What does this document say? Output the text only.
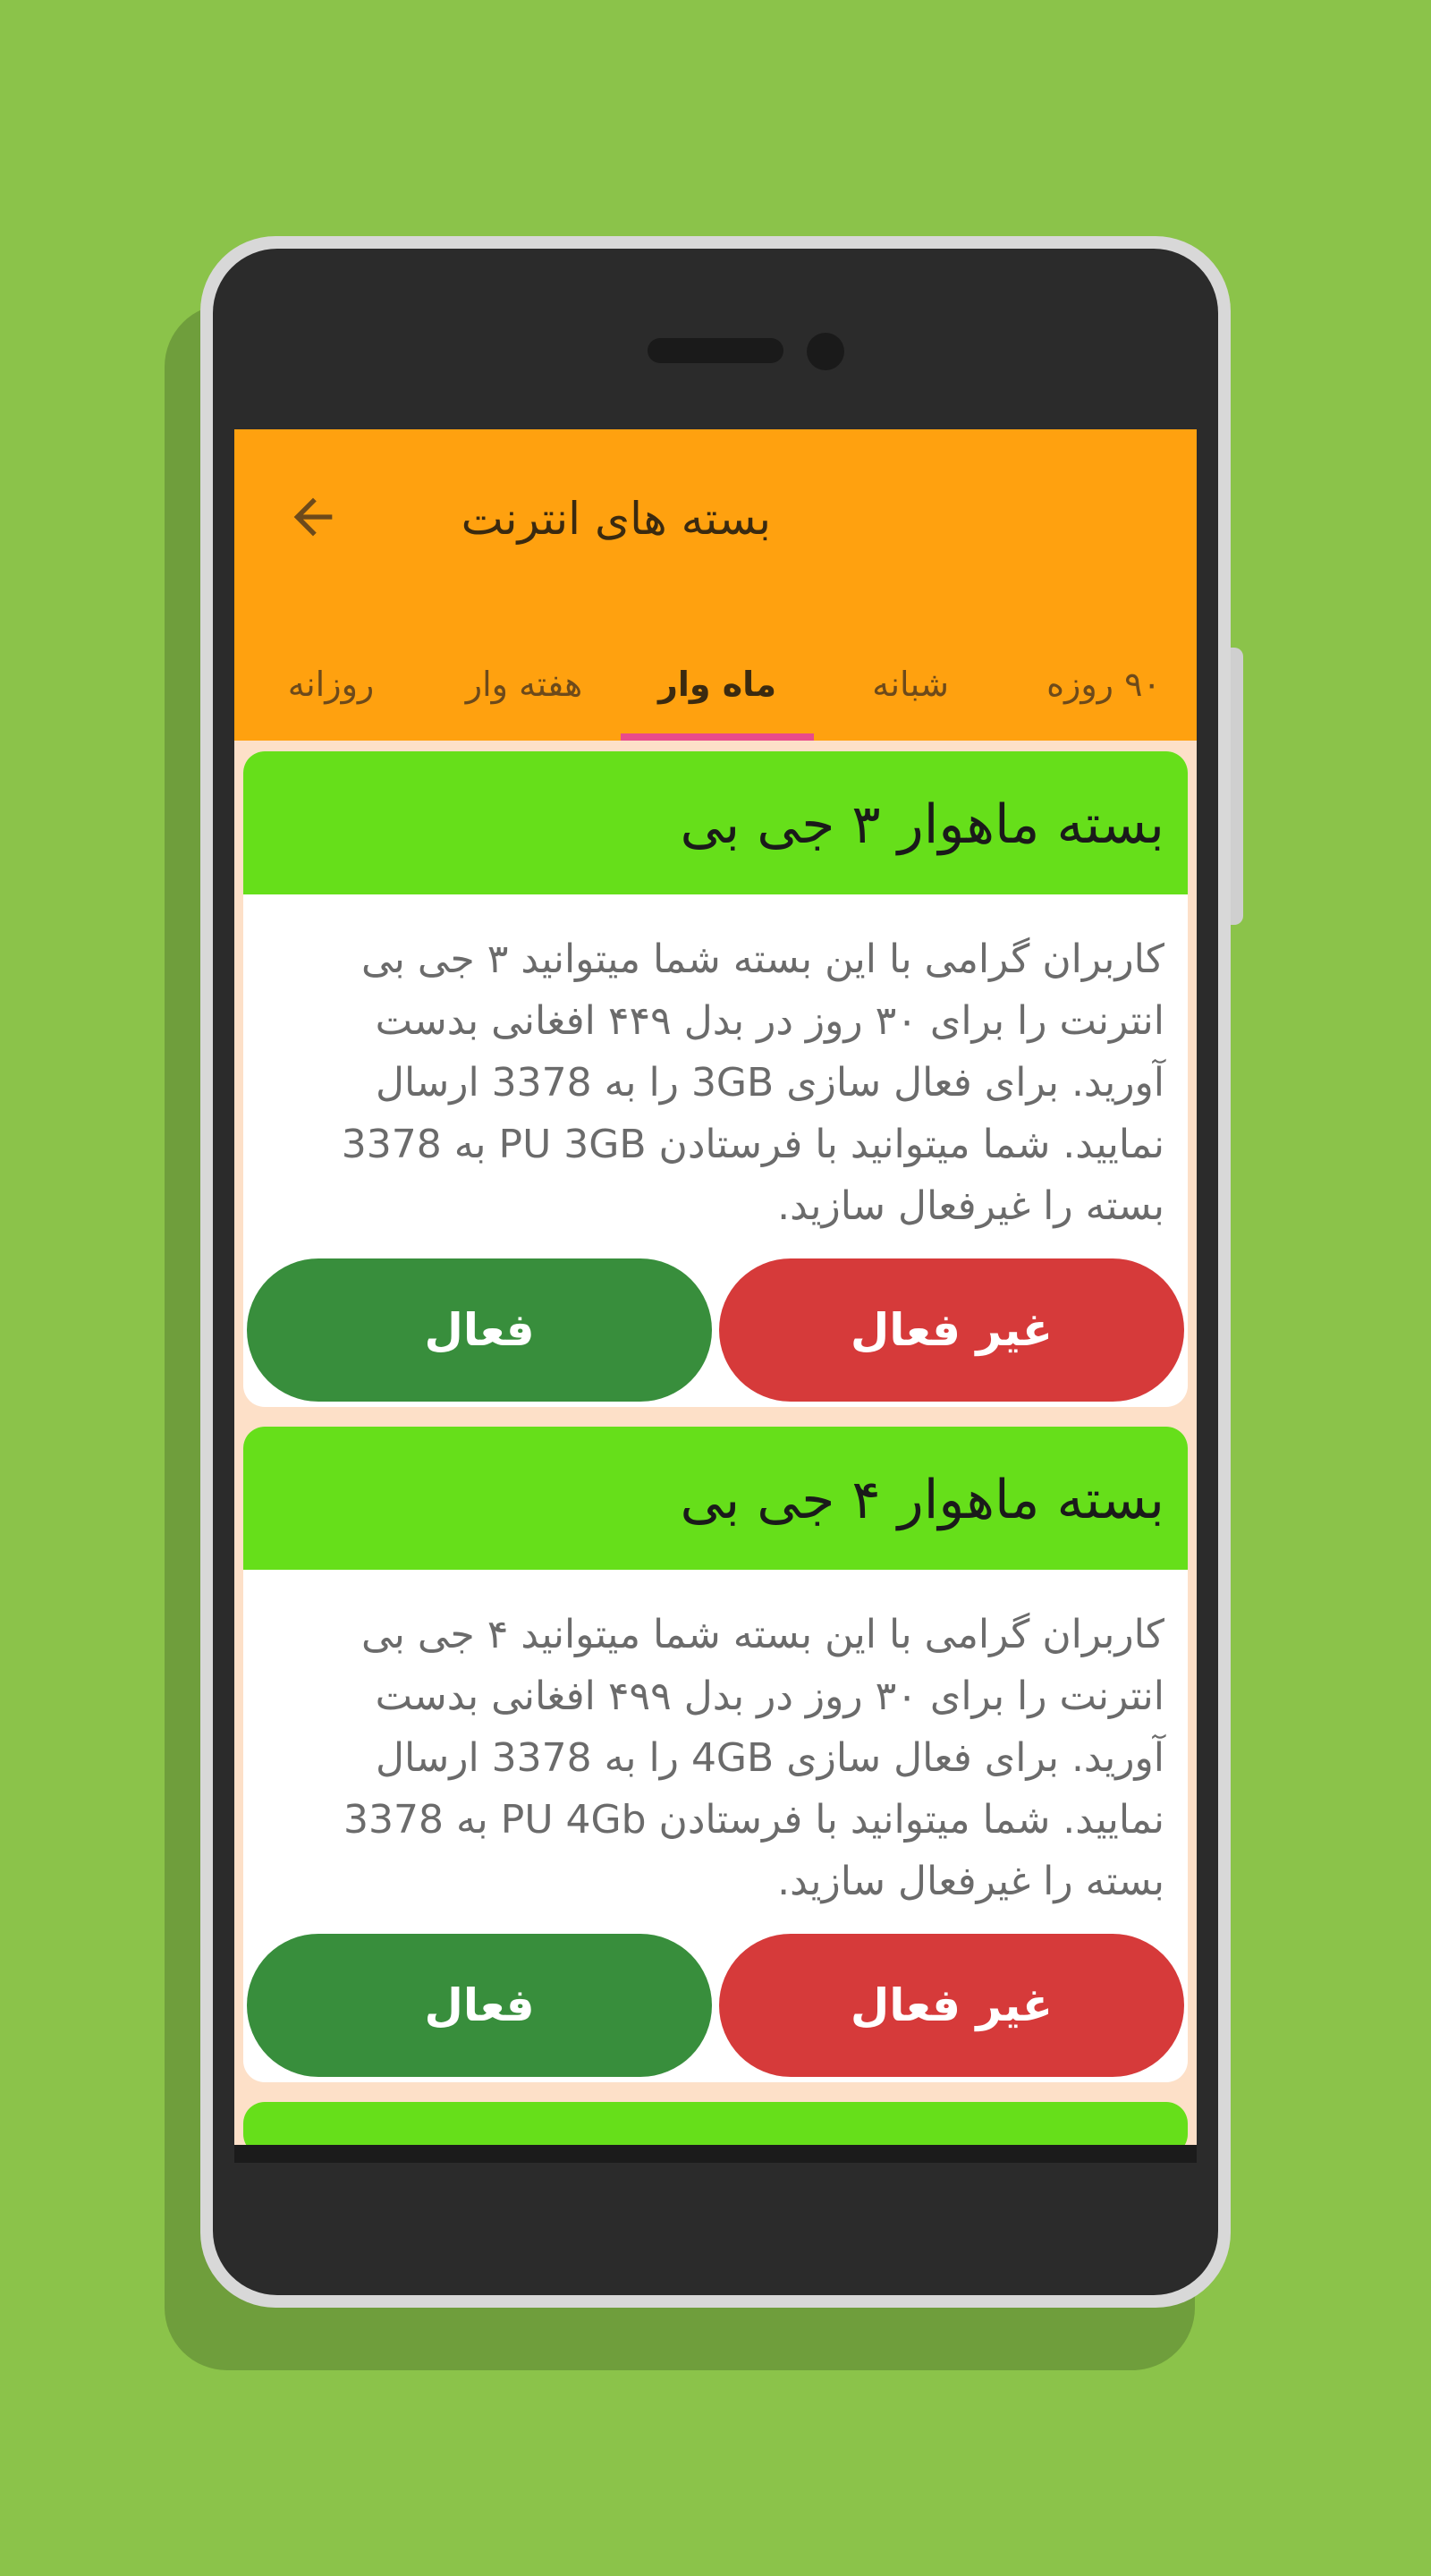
بسته های انترنت
روزانه	هفته وار	ماه وار	شبانه	۹۰ روزه
بسته ماهوار ۳ جی بی
کاربران گرامی با این بسته شما میتوانید ۳ جی بی انترنت را برای ۳۰ روز در بدل ۴۴۹ افغانی بدست آورید. برای فعال سازی 3GB را به 3378 ارسال نمایید. شما میتوانید با فرستادن PU 3GB به 3378 بسته را غیرفعال سازید.
فعال	غیر فعال
بسته ماهوار ۴ جی بی
کاربران گرامی با این بسته شما میتوانید ۴ جی بی انترنت را برای ۳۰ روز در بدل ۴۹۹ افغانی بدست آورید. برای فعال سازی 4GB را به 3378 ارسال نمایید. شما میتوانید با فرستادن PU 4Gb به 3378 بسته را غیرفعال سازید.
فعال	غیر فعال
